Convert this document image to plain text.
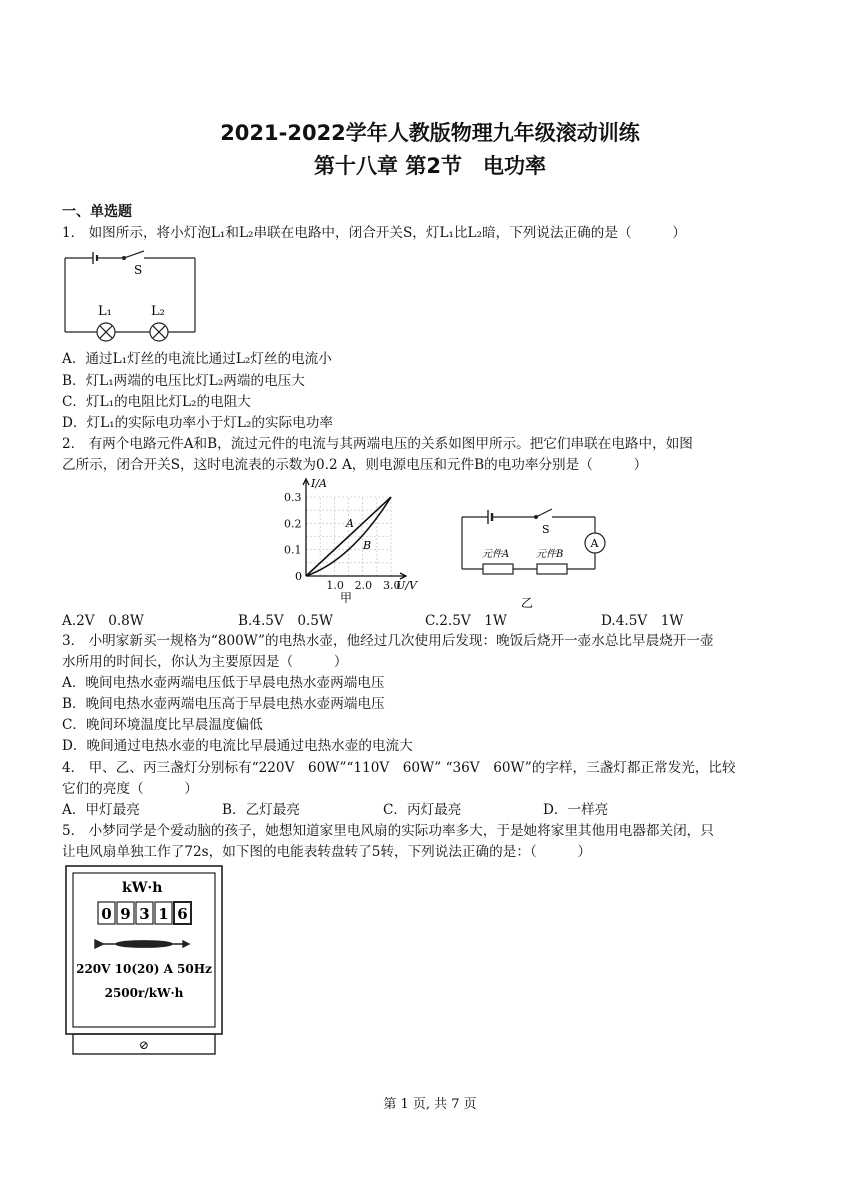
2021-2022学年人教版物理九年级滚动训练
第十八章 第2节　电功率
一、单选题
1． 如图所示，将小灯泡L₁和L₂串联在电路中，闭合开关S，灯L₁比L₂暗，下列说法正确的是（　　　）
S
L₁	L₂
A．通过L₁灯丝的电流比通过L₂灯丝的电流小
B．灯L₁两端的电压比灯L₂两端的电压大
C．灯L₁的电阻比灯L₂的电阻大
D．灯L₁的实际电功率小于灯L₂的实际电功率
2． 有两个电路元件A和B，流过元件的电流与其两端电压的关系如图甲所示。把它们串联在电路中，如图
乙所示，闭合开关S，这时电流表的示数为0.2 A，则电源电压和元件B的电功率分别是（　　　）
0.1
0.2
0.3
1.0 2.0 3.0
I/A
U/V
0
A
B
甲
S
A
元件A	元件B
乙
A.2V　0.8W	B.4.5V　0.5W	C.2.5V　1W	D.4.5V　1W
3． 小明家新买一规格为“800W”的电热水壶，他经过几次使用后发现：晚饭后烧开一壶水总比早晨烧开一壶
水所用的时间长，你认为主要原因是（　　　）
A．晚间电热水壶两端电压低于早晨电热水壶两端电压
B．晚间电热水壶两端电压高于早晨电热水壶两端电压
C．晚间环境温度比早晨温度偏低
D．晚间通过电热水壶的电流比早晨通过电热水壶的电流大
4． 甲、乙、丙三盏灯分别标有“220V　60W”“110V　60W” “36V　60W”的字样，三盏灯都正常发光，比较
它们的亮度（　　　）
A．甲灯最亮	B．乙灯最亮	C．丙灯最亮	D．一样亮
5． 小梦同学是个爱动脑的孩子，她想知道家里电风扇的实际功率多大，于是她将家里其他用电器都关闭，只
让电风扇单独工作了72s，如下图的电能表转盘转了5转，下列说法正确的是：（　　　）
kW·h
0 9 3 1 6
220V 10(20) A 50Hz
2500r/kW·h
⊘
第 1 页, 共 7 页
